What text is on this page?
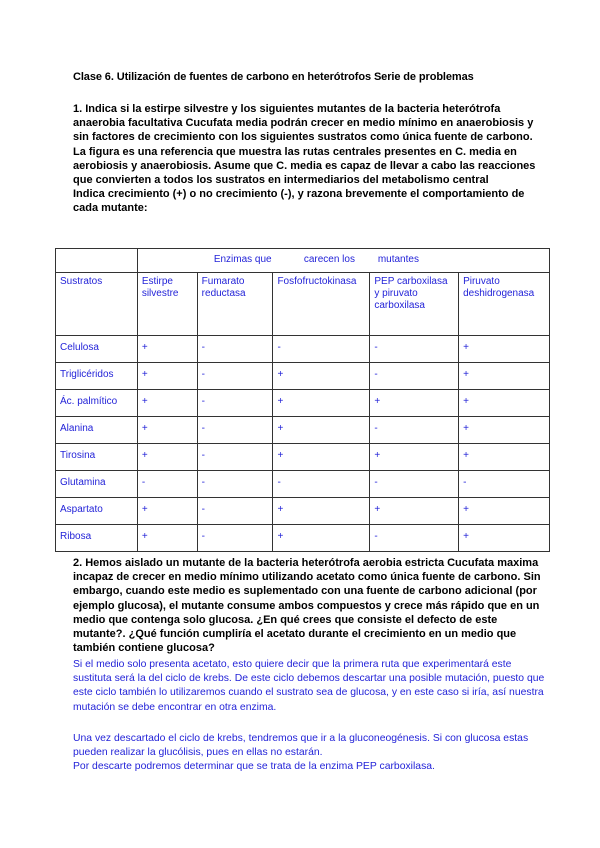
Clase 6. Utilización de fuentes de carbono en heterótrofos Serie de problemas

1. Indica si la estirpe silvestre y los siguientes mutantes de la bacteria heterótrofa anaerobia facultativa Cucufata media podrán crecer en medio mínimo en anaerobiosis y sin factores de crecimiento con los siguientes sustratos como única fuente de carbono. La figura es una referencia que muestra las rutas centrales presentes en C. media en aerobiosis y anaerobiosis. Asume que C. media es capaz de llevar a cabo las reacciones que convierten a todos los sustratos en intermediarios del metabolismo central

Indica crecimiento (+) o no crecimiento (-), y razona brevemente el comportamiento de cada mutante:

	Enzimas que carecen los mutantes				

Sustratos	Estirpe silvestre	Fumarato reductasa	Fosfofructokinasa	PEP carboxilasa y piruvato carboxilasa	Piruvato deshidrogenasa
Celulosa	+	-	-	-	+
Triglicéridos	+	-	+	-	+
Ác. palmítico	+	-	+	+	+
Alanina	+	-	+	-	+
Tirosina	+	-	+	+	+
Glutamina	-	-	-	-	-
Aspartato	+	-	+	+	+
Ribosa	+	-	+	-	+
2. Hemos aislado un mutante de la bacteria heterótrofa aerobia estricta Cucufata maxima incapaz de crecer en medio mínimo utilizando acetato como única fuente de carbono. Sin embargo, cuando este medio es suplementado con una fuente de carbono adicional (por ejemplo glucosa), el mutante consume ambos compuestos y crece más rápido que en un medio que contenga solo glucosa. ¿En qué crees que consiste el defecto de este mutante?. ¿Qué función cumpliría el acetato durante el crecimiento en un medio que también contiene glucosa?

Si el medio solo presenta acetato, esto quiere decir que la primera ruta que experimentará este sustituta será la del ciclo de krebs. De este ciclo debemos descartar una posible mutación, puesto que este ciclo también lo utilizaremos cuando el sustrato sea de glucosa, y en este caso si iría, así nuestra mutación se debe encontrar en otra enzima.

Una vez descartado el ciclo de krebs, tendremos que ir a la gluconeogénesis. Si con glucosa estas pueden realizar la glucólisis, pues en ellas no estarán.

Por descarte podremos determinar que se trata de la enzima PEP carboxilasa.
